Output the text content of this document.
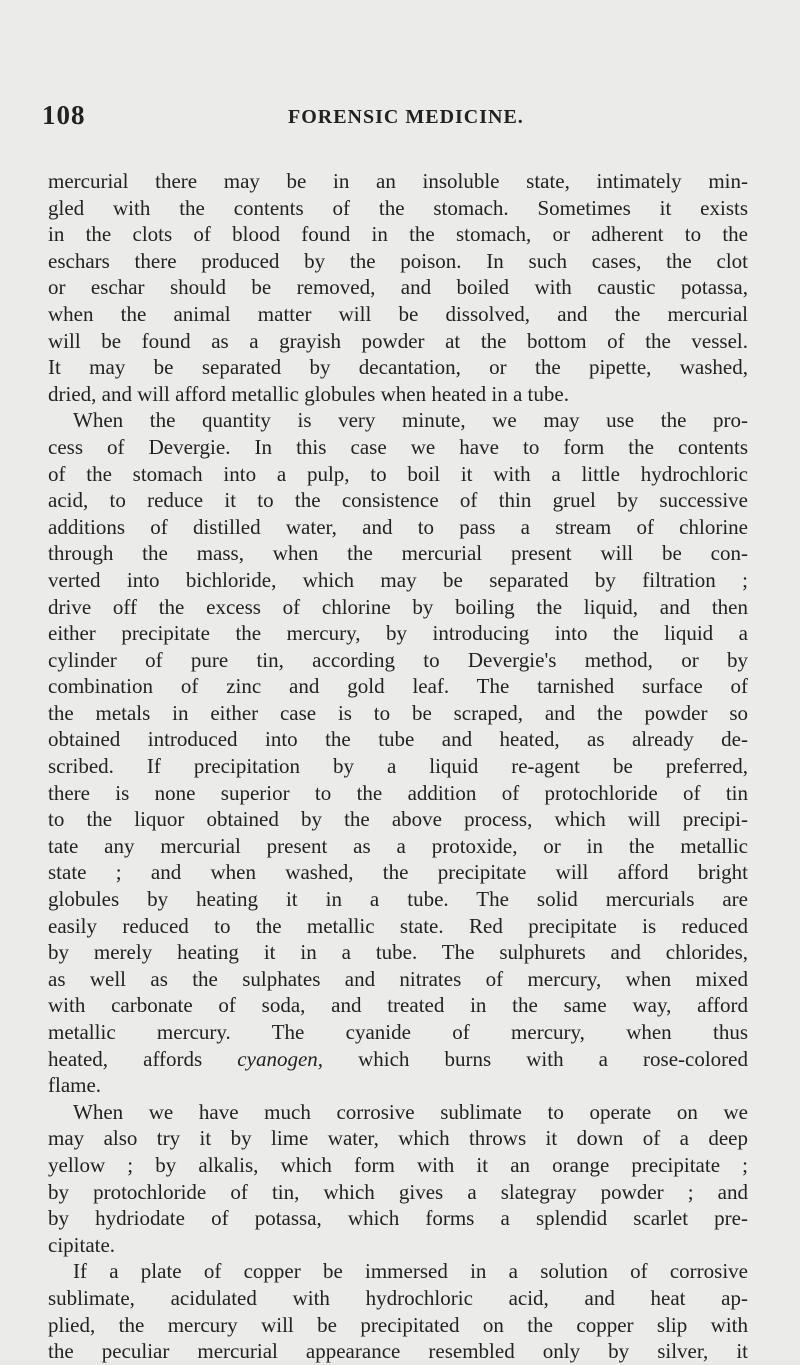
108	FORENSIC MEDICINE.
mercurial there may be in an insoluble state, intimately min-
gled with the contents of the stomach. Sometimes it exists
in the clots of blood found in the stomach, or adherent to the
eschars there produced by the poison. In such cases, the clot
or eschar should be removed, and boiled with caustic potassa,
when the animal matter will be dissolved, and the mercurial
will be found as a grayish powder at the bottom of the vessel.
It may be separated by decantation, or the pipette, washed,
dried, and will afford metallic globules when heated in a tube.
When the quantity is very minute, we may use the pro-
cess of Devergie. In this case we have to form the contents
of the stomach into a pulp, to boil it with a little hydrochloric
acid, to reduce it to the consistence of thin gruel by successive
additions of distilled water, and to pass a stream of chlorine
through the mass, when the mercurial present will be con-
verted into bichloride, which may be separated by filtration ;
drive off the excess of chlorine by boiling the liquid, and then
either precipitate the mercury, by introducing into the liquid a
cylinder of pure tin, according to Devergie's method, or by
combination of zinc and gold leaf. The tarnished surface of
the metals in either case is to be scraped, and the powder so
obtained introduced into the tube and heated, as already de-
scribed. If precipitation by a liquid re-agent be preferred,
there is none superior to the addition of protochloride of tin
to the liquor obtained by the above process, which will precipi-
tate any mercurial present as a protoxide, or in the metallic
state ; and when washed, the precipitate will afford bright
globules by heating it in a tube. The solid mercurials are
easily reduced to the metallic state. Red precipitate is reduced
by merely heating it in a tube. The sulphurets and chlorides,
as well as the sulphates and nitrates of mercury, when mixed
with carbonate of soda, and treated in the same way, afford
metallic mercury. The cyanide of mercury, when thus
heated, affords cyanogen, which burns with a rose-colored
flame.
When we have much corrosive sublimate to operate on we
may also try it by lime water, which throws it down of a deep
yellow ; by alkalis, which form with it an orange precipitate ;
by protochloride of tin, which gives a slategray powder ; and
by hydriodate of potassa, which forms a splendid scarlet pre-
cipitate.
If a plate of copper be immersed in a solution of corrosive
sublimate, acidulated with hydrochloric acid, and heat ap-
plied, the mercury will be precipitated on the copper slip with
the peculiar mercurial appearance resembled only by silver, it
